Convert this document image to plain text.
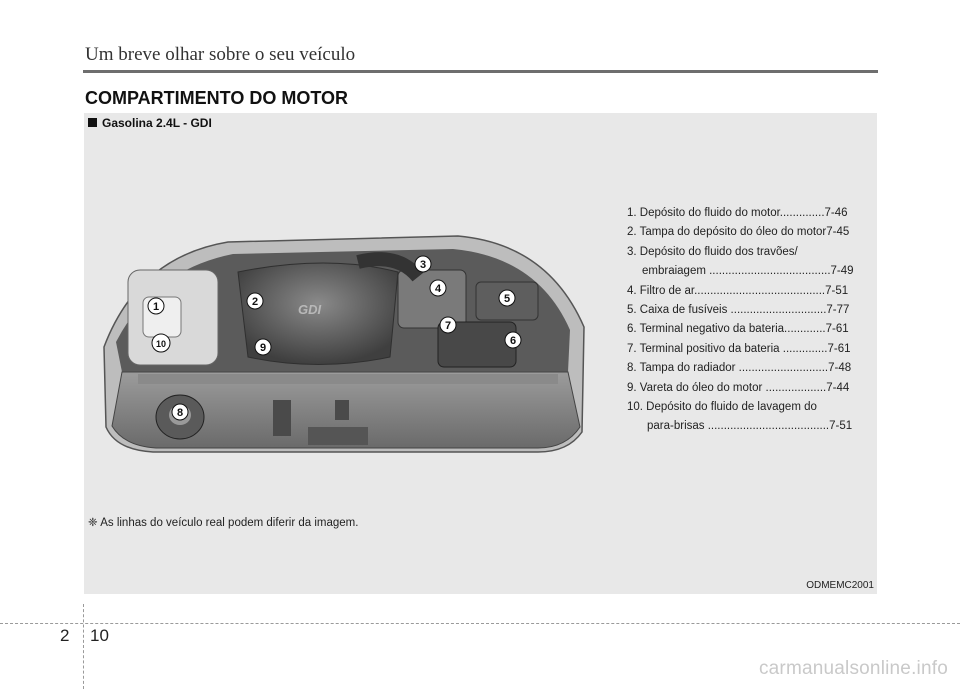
Um breve olhar sobre o seu veículo
COMPARTIMENTO DO MOTOR
Gasolina 2.4L - GDI
GDI
1	2
3
4
5
6
7
8
9
10
1. Depósito do fluido do motor..............7-46
2. Tampa do depósito do óleo do motor7-45
3. Depósito do fluido dos travões/
embraiagem ......................................7-49
4. Filtro de ar.........................................7-51
5. Caixa de fusíveis ..............................7-77
6. Terminal negativo da bateria.............7-61
7. Terminal positivo da bateria ..............7-61
8. Tampa do radiador ............................7-48
9. Vareta do óleo do motor ...................7-44
10. Depósito do fluido de lavagem do
para-brisas ......................................7-51
❈ As linhas do veículo real podem diferir da imagem.
ODMEMC2001
2 10
carmanualsonline.info
